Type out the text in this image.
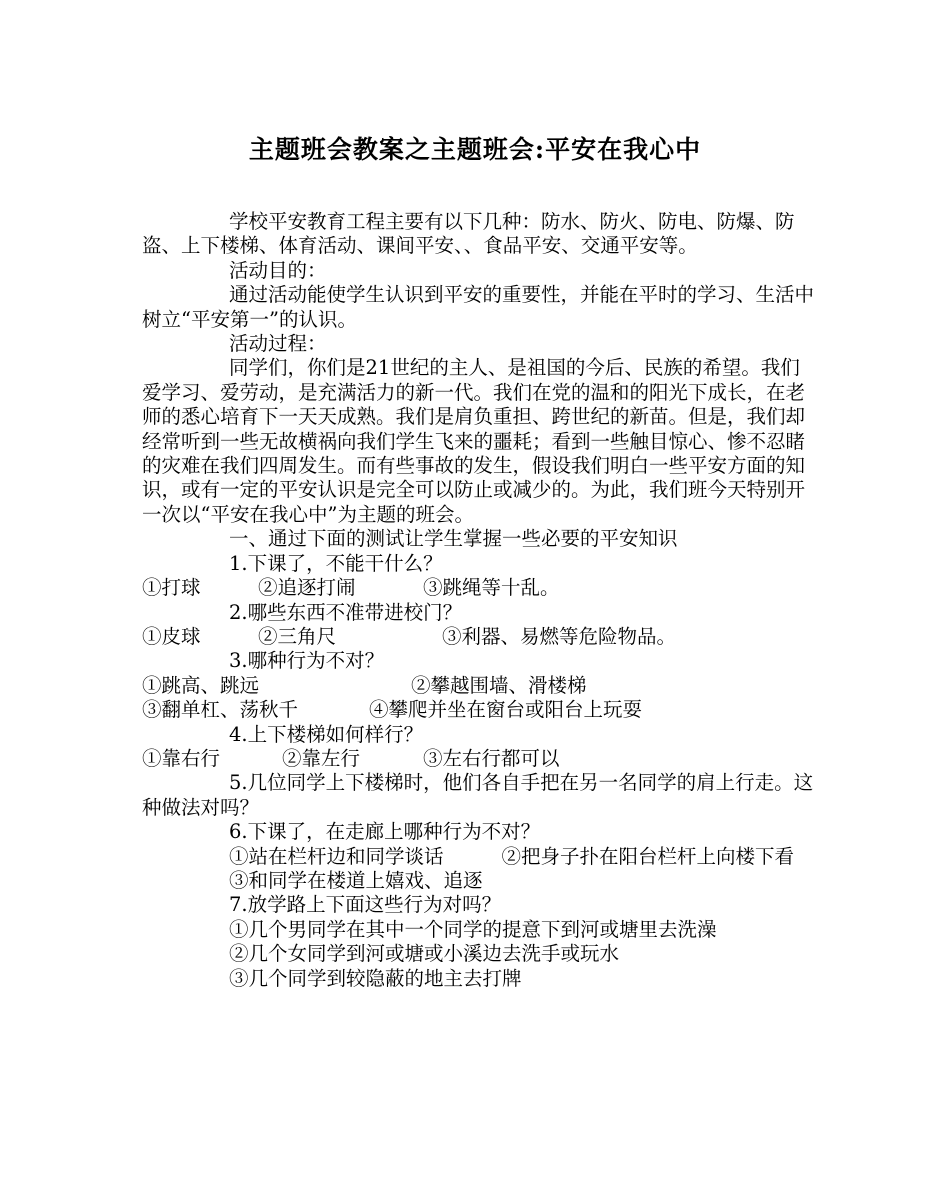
主题班会教案之主题班会:平安在我心中

学校平安教育工程主要有以下几种：防水、防火、防电、防爆、防盗、上下楼梯、体育活动、课间平安、、食品平安、交通平安等。

活动目的：

通过活动能使学生认识到平安的重要性，并能在平时的学习、生活中树立“平安第一”的认识。

活动过程：

同学们，你们是21世纪的主人、是祖国的今后、民族的希望。我们爱学习、爱劳动，是充满活力的新一代。我们在党的温和的阳光下成长，在老师的悉心培育下一天天成熟。我们是肩负重担、跨世纪的新苗。但是，我们却经常听到一些无故横祸向我们学生飞来的噩耗；看到一些触目惊心、惨不忍睹的灾难在我们四周发生。而有些事故的发生，假设我们明白一些平安方面的知识，或有一定的平安认识是完全可以防止或减少的。为此，我们班今天特别开一次以“平安在我心中”为主题的班会。

一、通过下面的测试让学生掌握一些必要的平安知识

1.下课了，不能干什么？

①打球	②追逐打闹	③跳绳等十乱。

2.哪些东西不准带进校门？

①皮球	②三角尺	③利器、易燃等危险物品。

3.哪种行为不对？

①跳高、跳远	②攀越围墙、滑楼梯

③翻单杠、荡秋千	④攀爬并坐在窗台或阳台上玩耍

4.上下楼梯如何样行？

①靠右行	②靠左行	③左右行都可以

5.几位同学上下楼梯时，他们各自手把在另一名同学的肩上行走。这种做法对吗？

6.下课了，在走廊上哪种行为不对？

①站在栏杆边和同学谈话	②把身子扑在阳台栏杆上向楼下看

③和同学在楼道上嬉戏、追逐

7.放学路上下面这些行为对吗？

①几个男同学在其中一个同学的提意下到河或塘里去洗澡

②几个女同学到河或塘或小溪边去洗手或玩水

③几个同学到较隐蔽的地主去打牌
